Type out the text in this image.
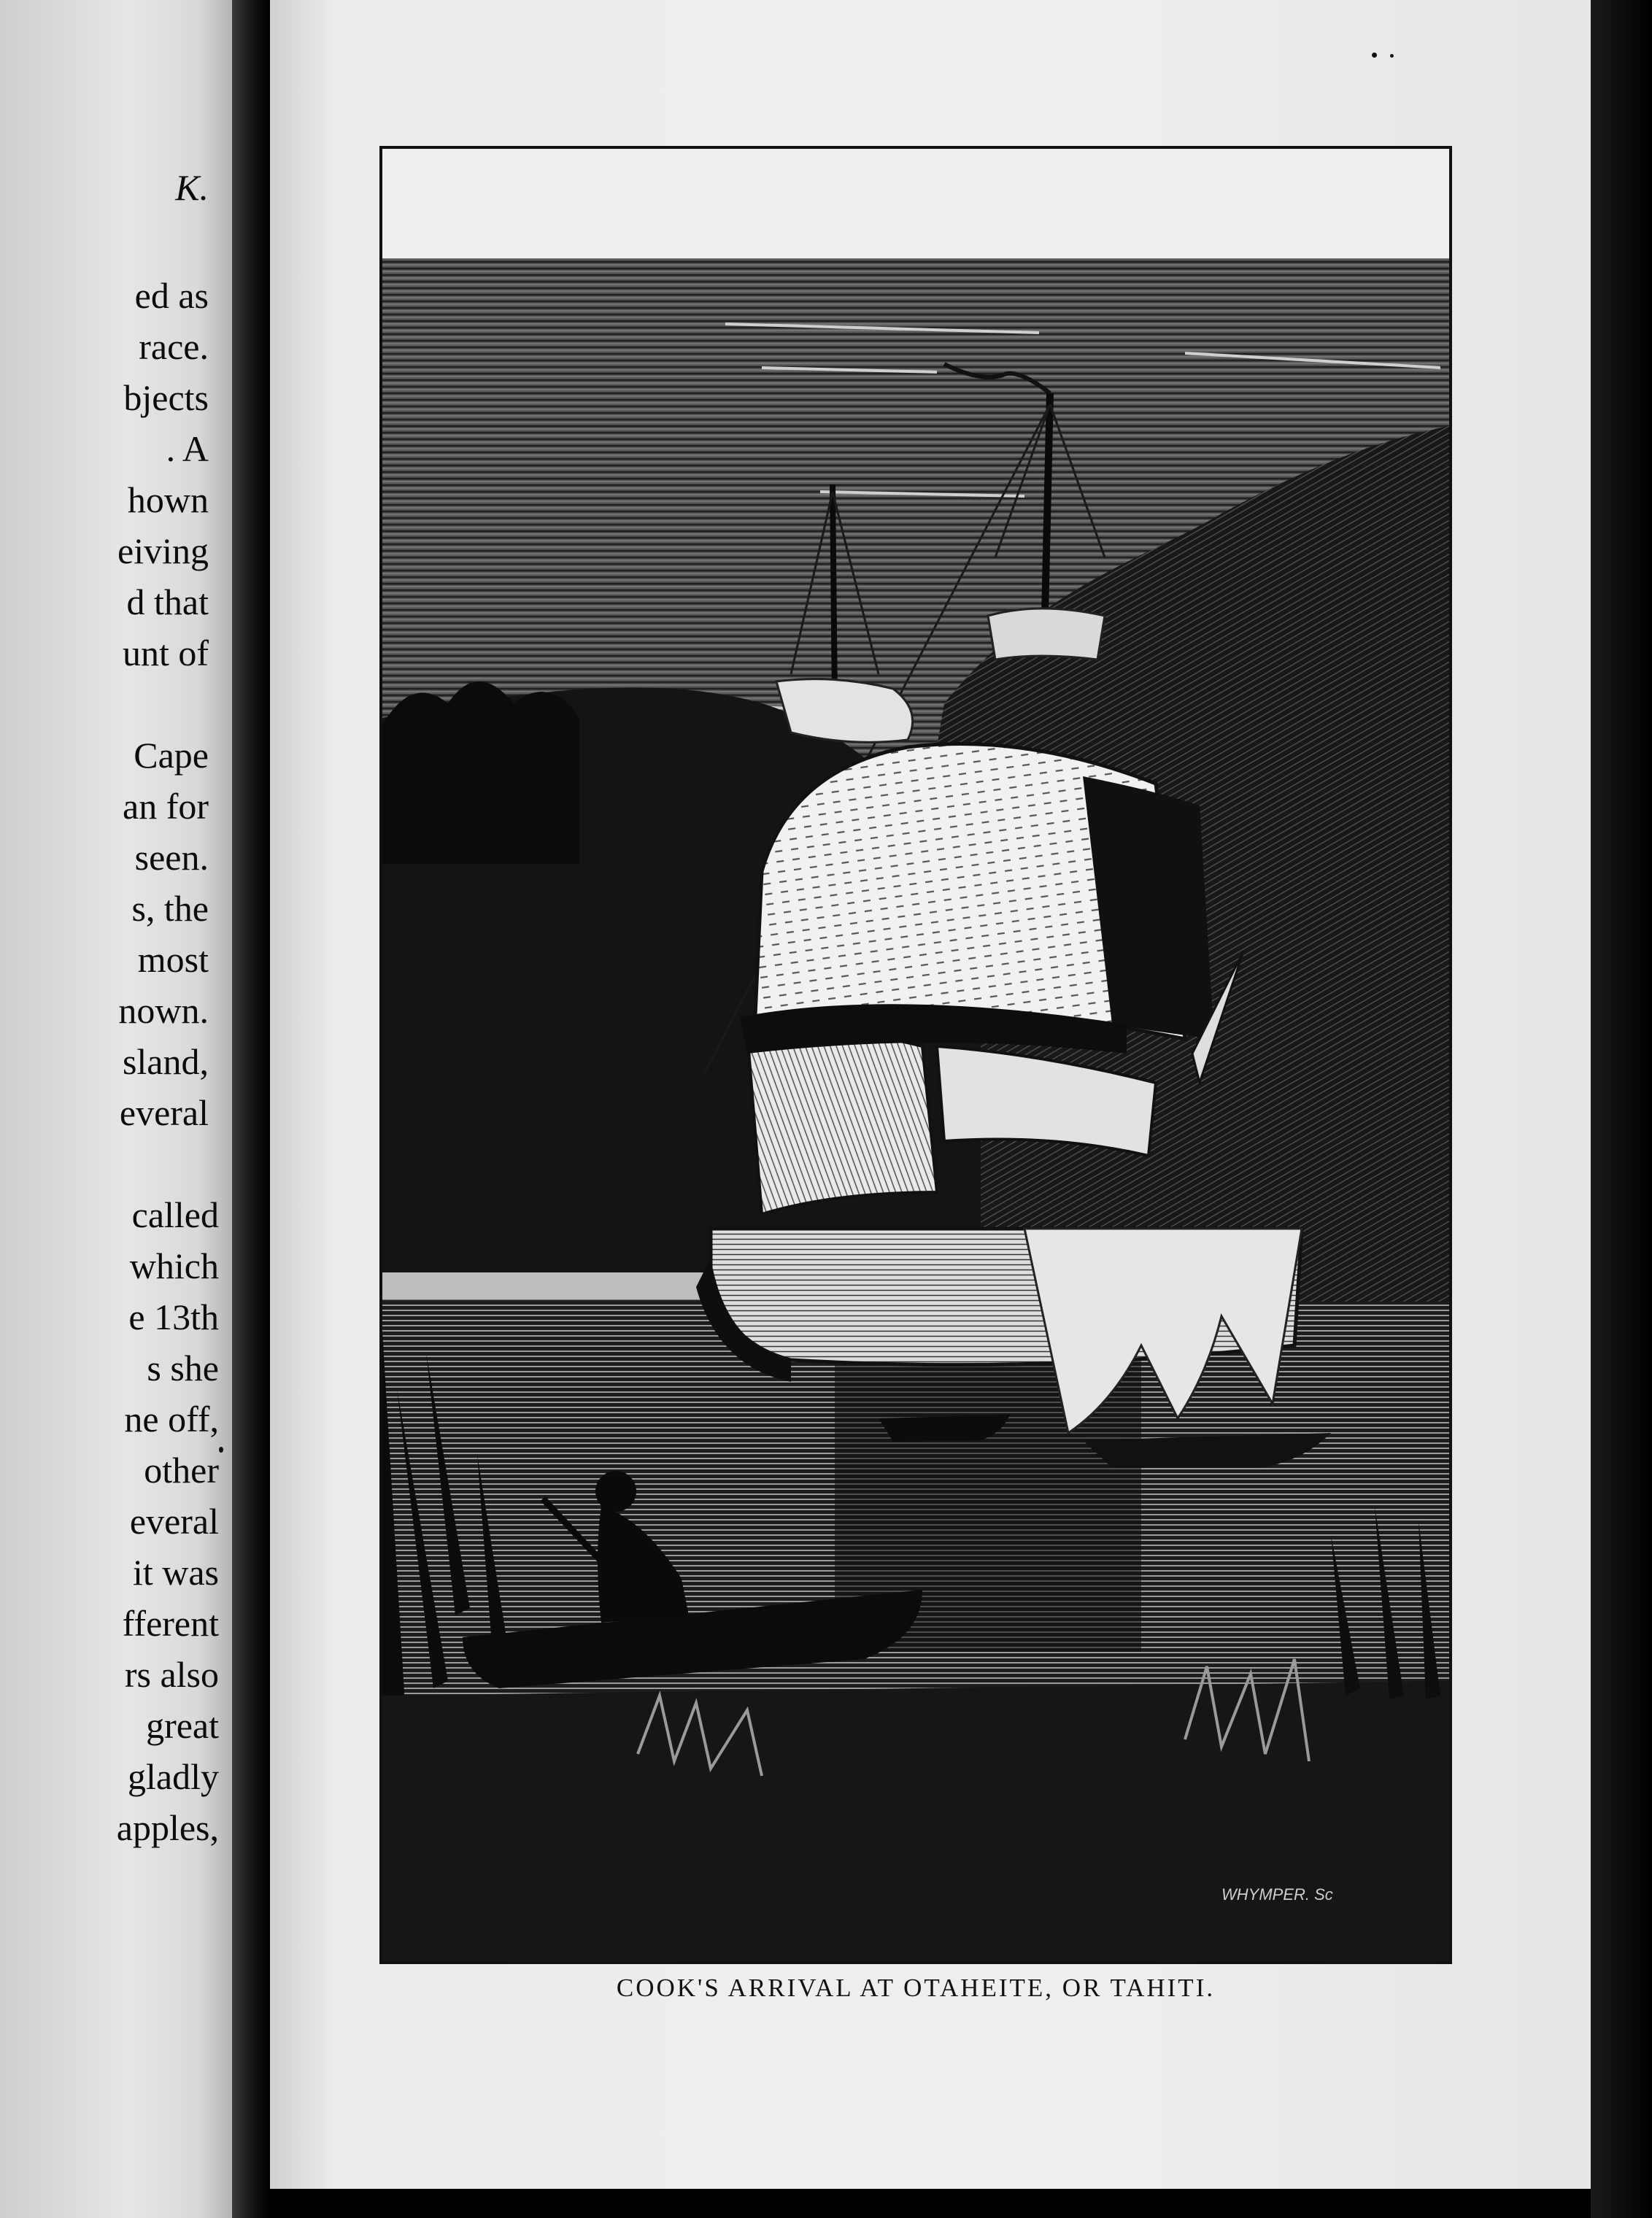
K.
ed as
race.
bjects
. A
hown
eiving
d that
unt of
Cape
an for
seen.
s, the
most
nown.
sland,
everal
called
which
e 13th
s she
ne off,
other
everal
it was
fferent
rs also
great
gladly
apples,
WHYMPER. Sc
COOK'S ARRIVAL AT OTAHEITE, OR TAHITI.
